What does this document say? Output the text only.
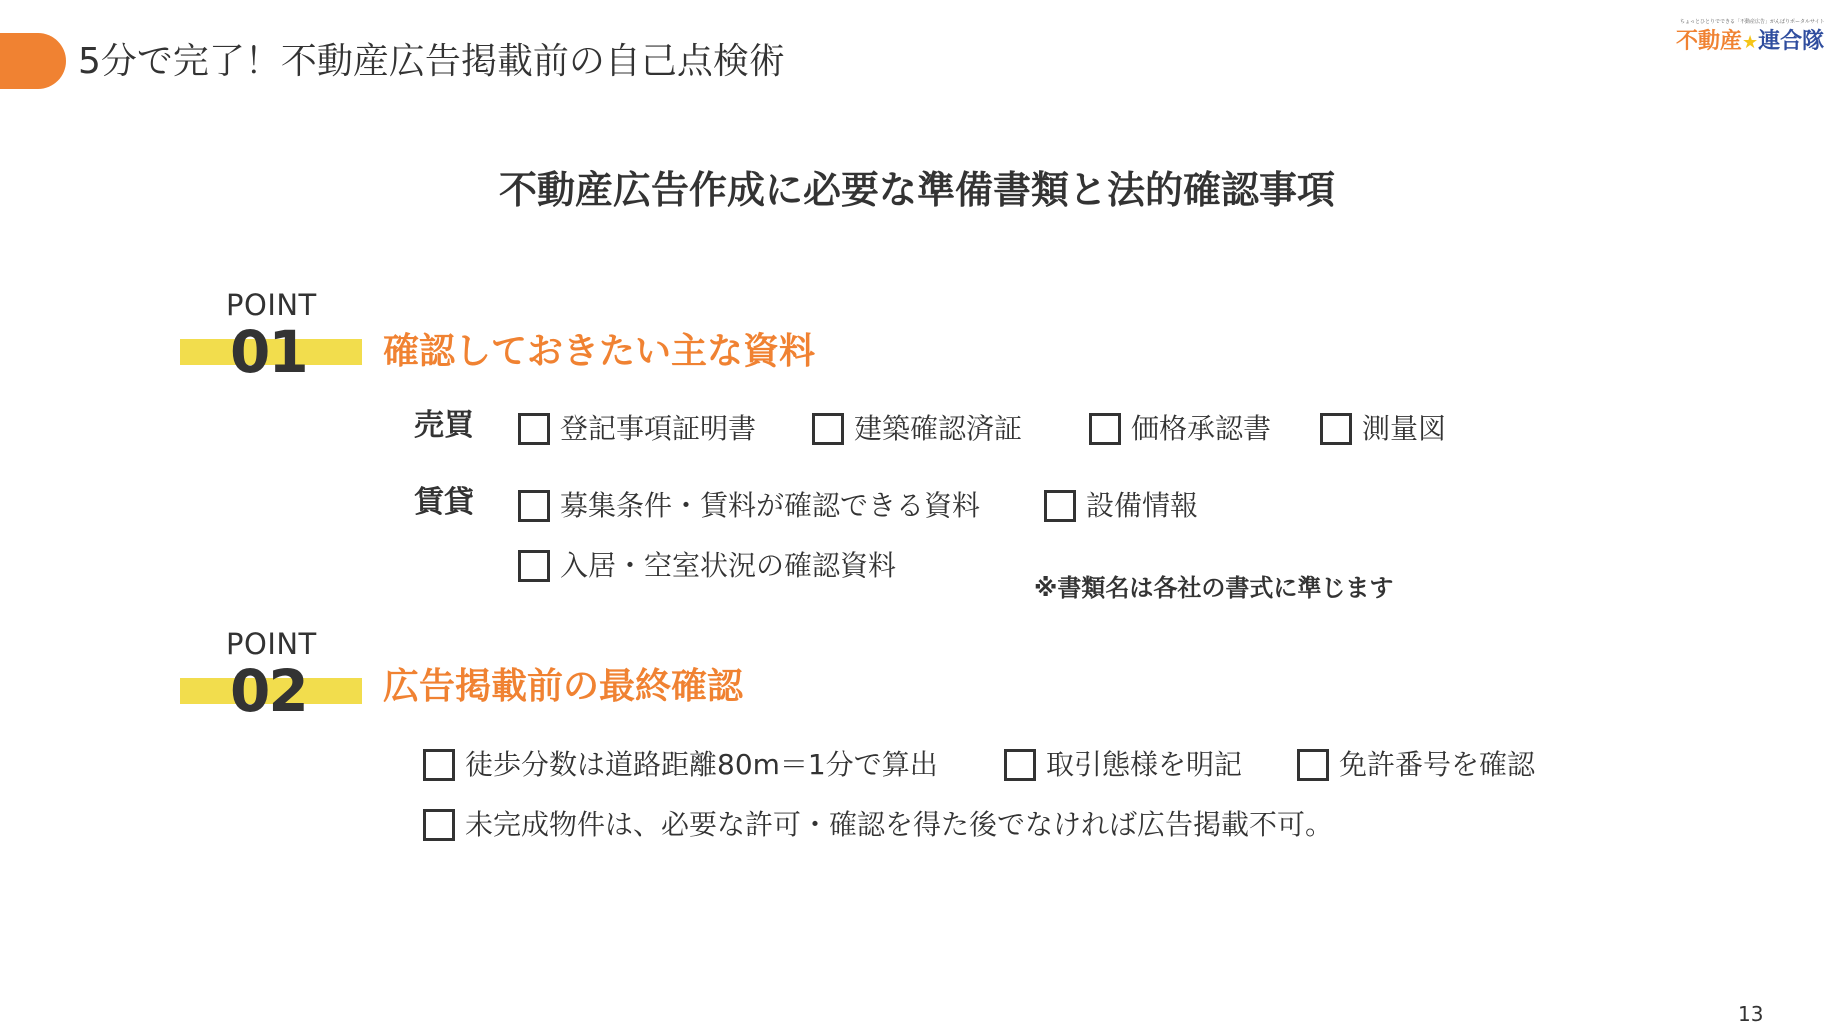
5分で完了！不動産広告掲載前の自己点検術
ちょっとひとりでできる「不動産広告」がんばりポータルサイト
不動産★連合隊
不動産広告作成に必要な準備書類と法的確認事項
POINT
01 確認しておきたい主な資料
売買	登記事項証明書	建築確認済証	価格承認書	測量図
賃貸	募集条件・賃料が確認できる資料	設備情報
入居・空室状況の確認資料
※書類名は各社の書式に準じます
POINT
02 広告掲載前の最終確認
徒歩分数は道路距離80m＝1分で算出	取引態様を明記	免許番号を確認
未完成物件は、必要な許可・確認を得た後でなければ広告掲載不可。
13
